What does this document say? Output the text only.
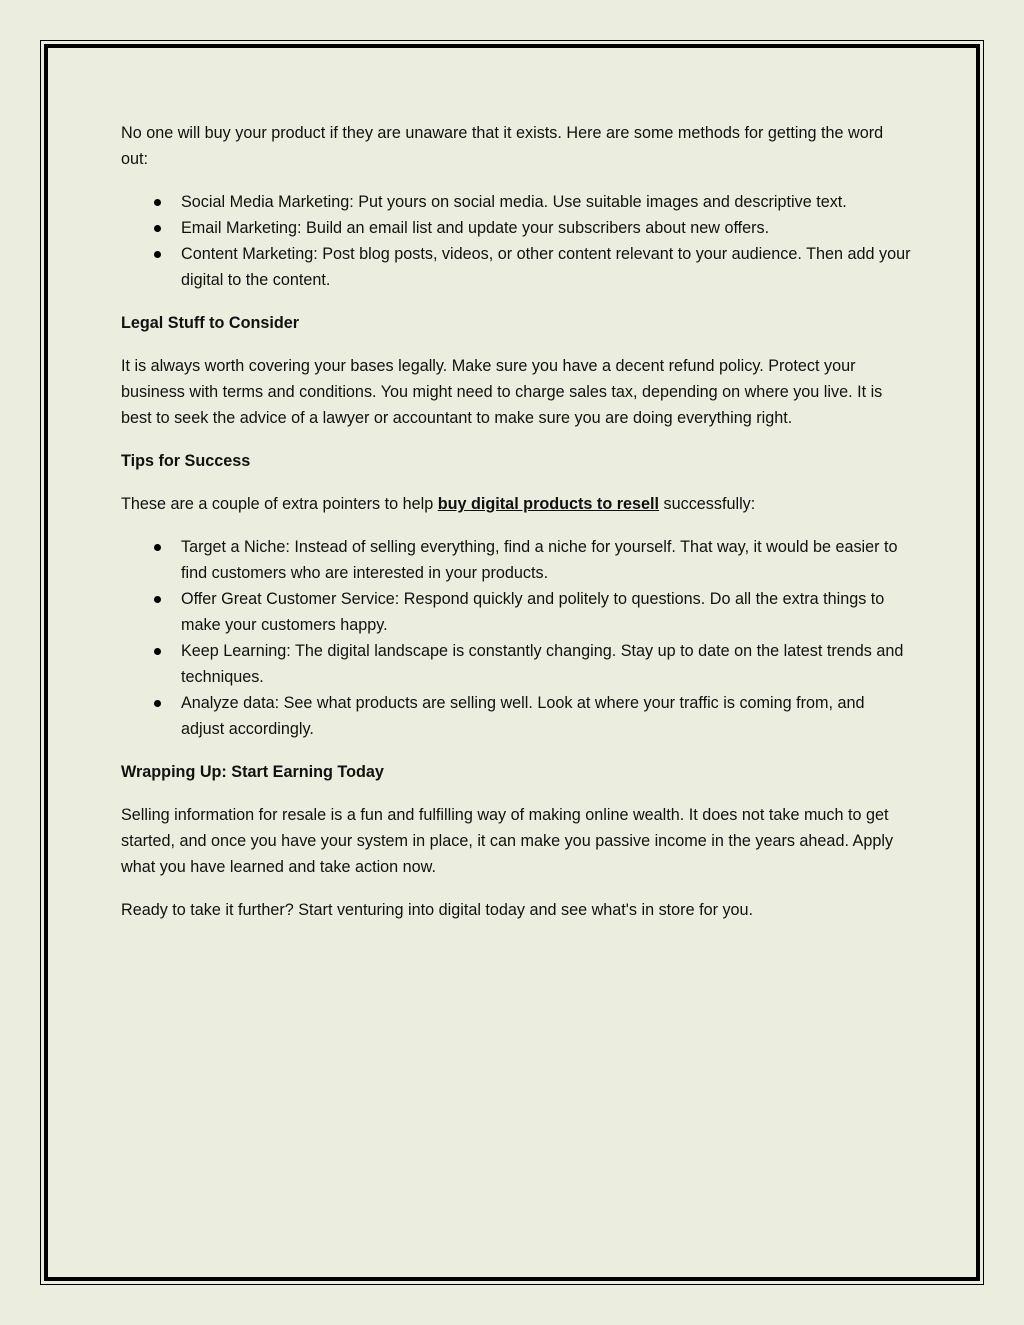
No one will buy your product if they are unaware that it exists. Here are some methods for getting the word out:

Social Media Marketing: Put yours on social media. Use suitable images and descriptive text.
Email Marketing: Build an email list and update your subscribers about new offers.
Content Marketing: Post blog posts, videos, or other content relevant to your audience. Then add your digital to the content.
Legal Stuff to Consider

It is always worth covering your bases legally. Make sure you have a decent refund policy. Protect your business with terms and conditions. You might need to charge sales tax, depending on where you live. It is best to seek the advice of a lawyer or accountant to make sure you are doing everything right.

Tips for Success

These are a couple of extra pointers to help buy digital products to resell successfully:

Target a Niche: Instead of selling everything, find a niche for yourself. That way, it would be easier to find customers who are interested in your products.
Offer Great Customer Service: Respond quickly and politely to questions. Do all the extra things to make your customers happy.
Keep Learning: The digital landscape is constantly changing. Stay up to date on the latest trends and techniques.
Analyze data: See what products are selling well. Look at where your traffic is coming from, and adjust accordingly.
Wrapping Up: Start Earning Today

Selling information for resale is a fun and fulfilling way of making online wealth. It does not take much to get started, and once you have your system in place, it can make you passive income in the years ahead. Apply what you have learned and take action now.

Ready to take it further? Start venturing into digital today and see what's in store for you.
